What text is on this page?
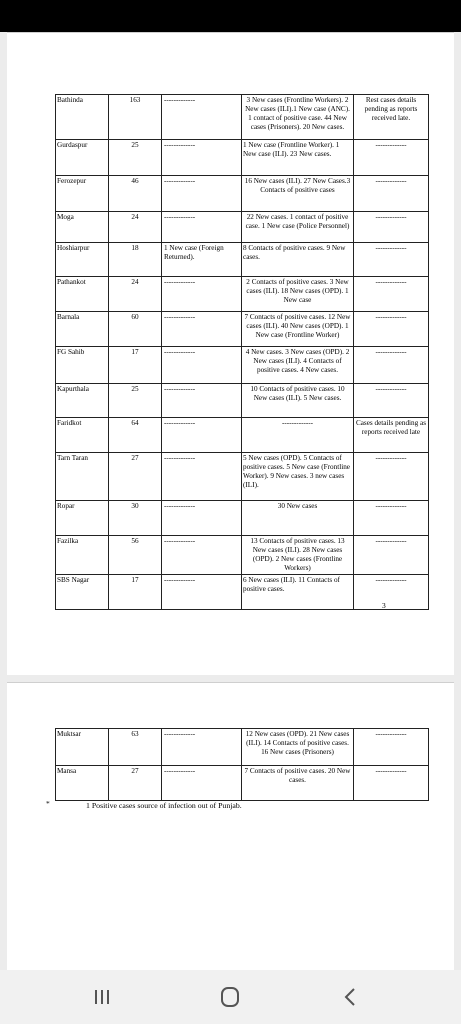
Bathinda	163	-------------	3 New cases (Frontline Workers). 2 New cases (ILI).1 New case (ANC). 1 contact of positive case. 44 New cases (Prisoners). 20 New cases.	Rest cases details pending as reports received late.
Gurdaspur	25	-------------	1 New case (Frontline Worker). 1 New case (ILI). 23 New cases.	-------------
Ferozepur	46	-------------	16 New cases (ILI). 27 New Cases.3 Contacts of positive cases	-------------
Moga	24	-------------	22 New cases. 1 contact of positive case. 1 New case (Police Personnel)	-------------
Hoshiarpur	18	1 New case (Foreign Returned).	8 Contacts of positive cases. 9 New cases.	-------------
Pathankot	24	-------------	2 Contacts of positive cases. 3 New cases (ILI). 18 New cases (OPD). 1 New case	-------------
Barnala	60	-------------	7 Contacts of positive cases. 12 New cases (ILI). 40 New cases (OPD). 1 New case (Frontline Worker)	-------------
FG Sahib	17	-------------	4 New cases. 3 New cases (OPD). 2 New cases (ILI). 4 Contacts of positive cases. 4 New cases.	-------------
Kapurthala	25	-------------	10 Contacts of positive cases. 10 New cases (ILI). 5 New cases.	-------------
Faridkot	64	-------------	-------------	Cases details pending as reports received late
Tarn Taran	27	-------------	5 New cases (OPD). 5 Contacts of positive cases. 5 New case (Frontline Worker). 9 New cases. 3 new cases (ILI).	-------------
Ropar	30	-------------	30 New cases	-------------
Fazilka	56	-------------	13 Contacts of positive cases. 13 New cases (ILI). 28 New cases (OPD). 2 New cases (Frontline Workers)	-------------
SBS Nagar	17	-------------	6 New cases (ILI). 11 Contacts of positive cases.	-------------
3
Muktsar	63	-------------	12 New cases (OPD). 21 New cases (ILI). 14 Contacts of positive cases. 16 New cases (Prisoners)	-------------
Mansa	27	-------------	7 Contacts of positive cases. 20 New cases.	-------------
*	1 Positive cases source of infection out of Punjab.
